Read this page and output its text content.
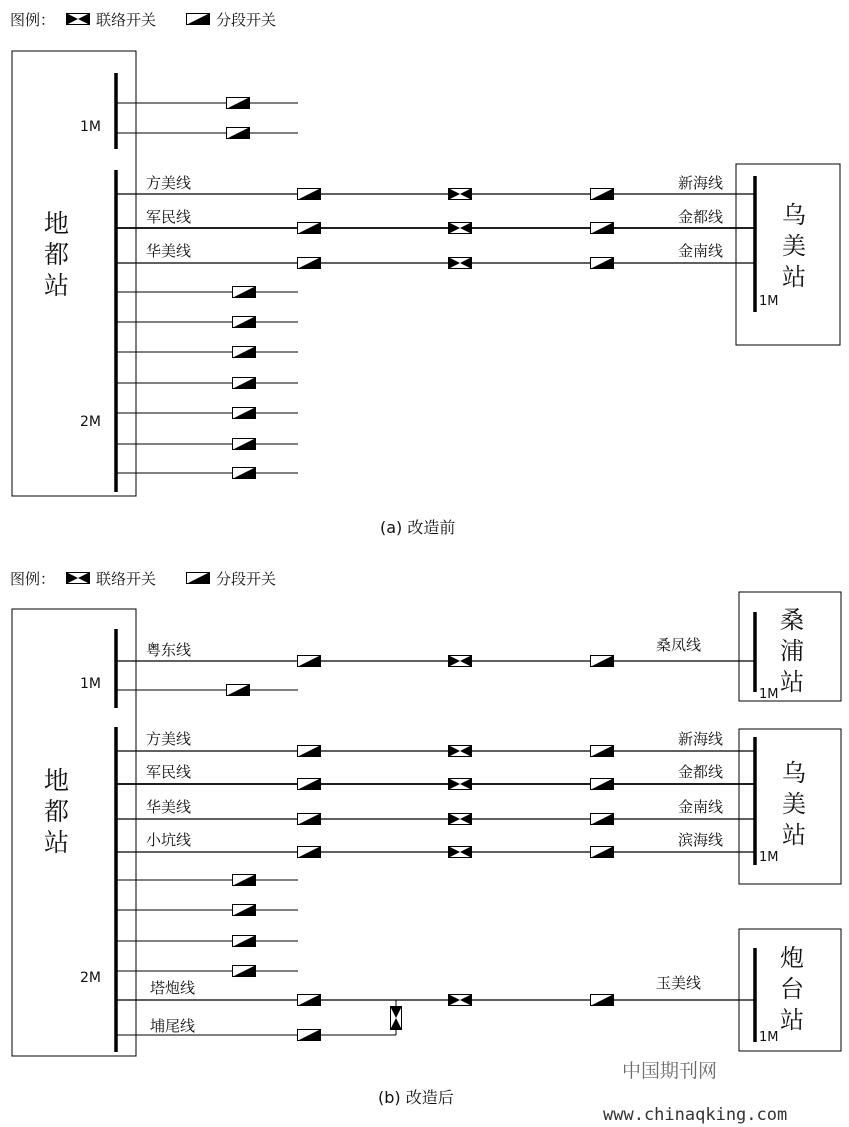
图例：	联络开关	分段开关
地
都
站
1M
2M
方美线
军民线
华美线
新海线
金都线
金南线
乌
美
站
1M
(a) 改造前
图例：	联络开关	分段开关
地
都
站
1M
2M
粤东线
方美线
军民线
华美线
小坑线
塔炮线
埔尾线
桑凤线
桑
浦
站
1M
新海线
金都线
金南线
滨海线
乌
美
站
1M
玉美线
炮
台
站
1M
(b) 改造后
中国期刊网
www.chinaqking.com
